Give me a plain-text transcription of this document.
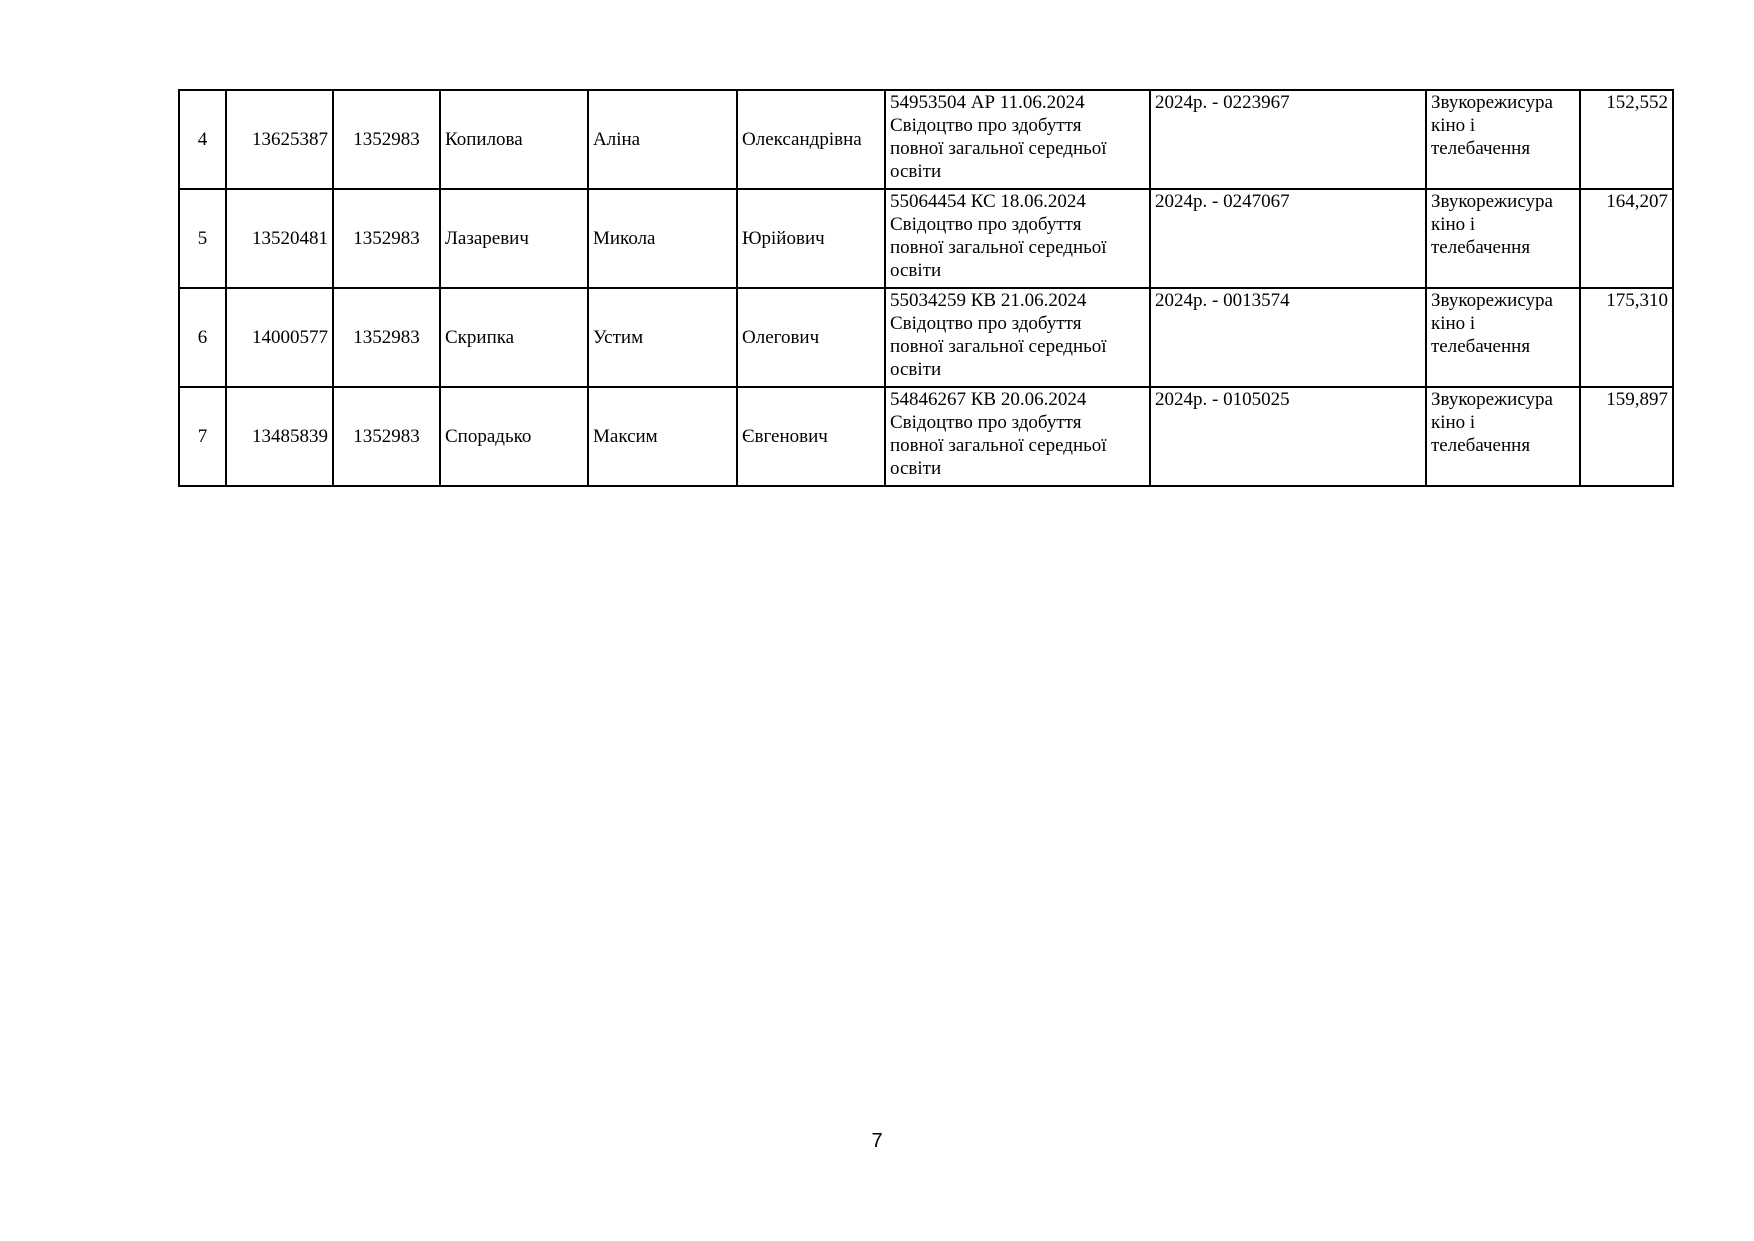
4	13625387	1352983	Копилова	Аліна	Олександрівна	54953504 АР 11.06.2024
Свідоцтво про здобуття
повної загальної середньої
освіти	2024р. - 0223967	Звукорежисура
кіно і
телебачення	152,552
5	13520481	1352983	Лазаревич	Микола	Юрійович	55064454 КС 18.06.2024
Свідоцтво про здобуття
повної загальної середньої
освіти	2024р. - 0247067	Звукорежисура
кіно і
телебачення	164,207
6	14000577	1352983	Скрипка	Устим	Олегович	55034259 КВ 21.06.2024
Свідоцтво про здобуття
повної загальної середньої
освіти	2024р. - 0013574	Звукорежисура
кіно і
телебачення	175,310
7	13485839	1352983	Спорадько	Максим	Євгенович	54846267 КВ 20.06.2024
Свідоцтво про здобуття
повної загальної середньої
освіти	2024р. - 0105025	Звукорежисура
кіно і
телебачення	159,897
7
